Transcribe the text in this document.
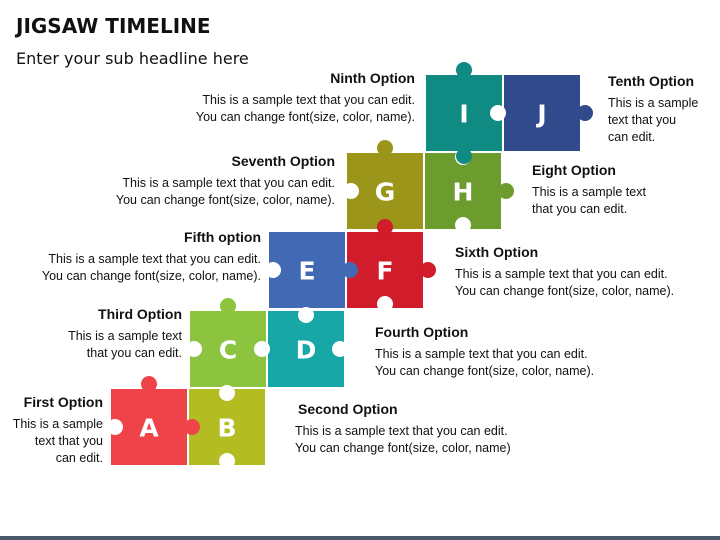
JIGSAW TIMELINE
Enter your sub headline here
A B
C D
E F
G H
I	J
First Option
This is a sample
text that you
can edit.
Second Option
This is a sample text that you can edit.
You can change font(size, color, name)
Third Option
This is a sample text
that you can edit.
Fourth Option
This is a sample text that you can edit.
You can change font(size, color, name).
Fifth option
This is a sample text that you can edit.
You can change font(size, color, name).
Sixth Option
This is a sample text that you can edit.
You can change font(size, color, name).
Seventh Option
This is a sample text that you can edit.
You can change font(size, color, name).
Eight Option
This is a sample text
that you can edit.
Ninth Option
This is a sample text that you can edit.
You can change font(size, color, name).
Tenth Option
This is a sample
text that you
can edit.
